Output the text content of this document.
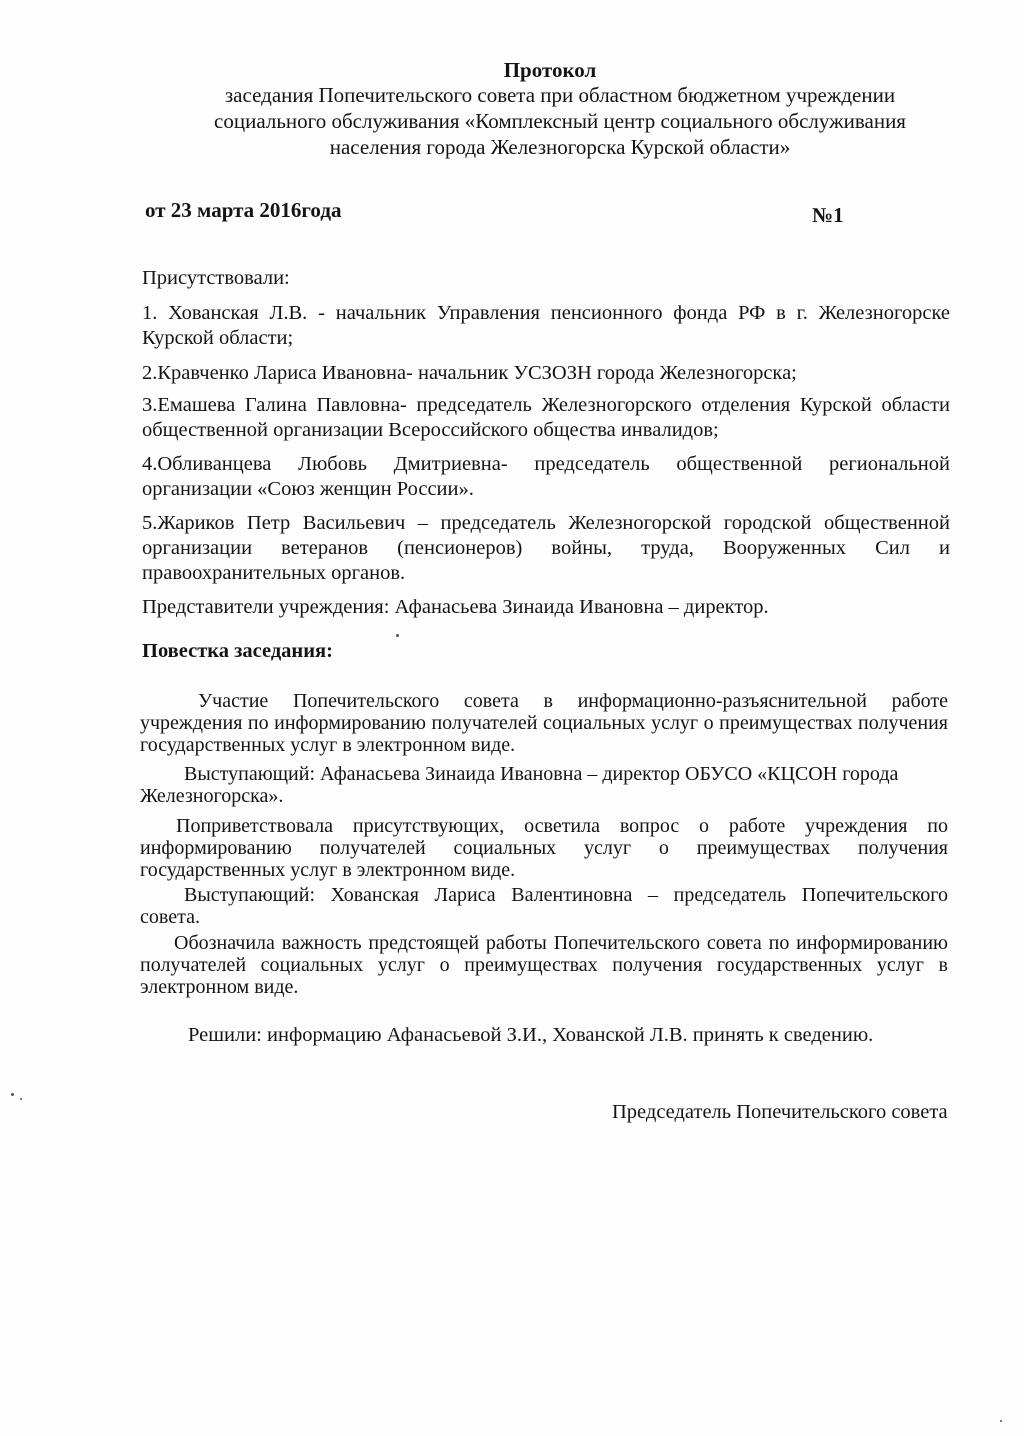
Протокол
заседания Попечительского совета при областном бюджетном учреждении
социального обслуживания «Комплексный центр социального обслуживания
населения города Железногорска Курской области»
от 23 марта 2016года	№1
Присутствовали:
1. Хованская Л.В. - начальник Управления пенсионного фонда РФ в г. Железногорске Курской области;
2.Кравченко Лариса Ивановна- начальник УСЗОЗН города Железногорска;
3.Емашева Галина Павловна- председатель Железногорского отделения Курской области общественной организации Всероссийского общества инвалидов;
4.Обливанцева Любовь Дмитриевна- председатель общественной региональной организации «Союз женщин России».
5.Жариков Петр Васильевич – председатель Железногорской городской общественной организации ветеранов (пенсионеров) войны, труда, Вооруженных Сил и правоохранительных органов.
Представители учреждения: Афанасьева Зинаида Ивановна – директор.
Повестка заседания:
Участие Попечительского совета в информационно-разъяснительной работе учреждения по информированию получателей социальных услуг о преимуществах получения государственных услуг в электронном виде.
Выступающий: Афанасьева Зинаида Ивановна – директор ОБУСО «КЦСОН города Железногорска».
Поприветствовала присутствующих, осветила вопрос о работе учреждения по информированию получателей социальных услуг о преимуществах получения государственных услуг в электронном виде.
Выступающий: Хованская Лариса Валентиновна – председатель Попечительского совета.
Обозначила важность предстоящей работы Попечительского совета по информированию получателей социальных услуг о преимуществах получения государственных услуг в электронном виде.
Решили: информацию Афанасьевой З.И., Хованской Л.В. принять к сведению.
Председатель Попечительского совета
